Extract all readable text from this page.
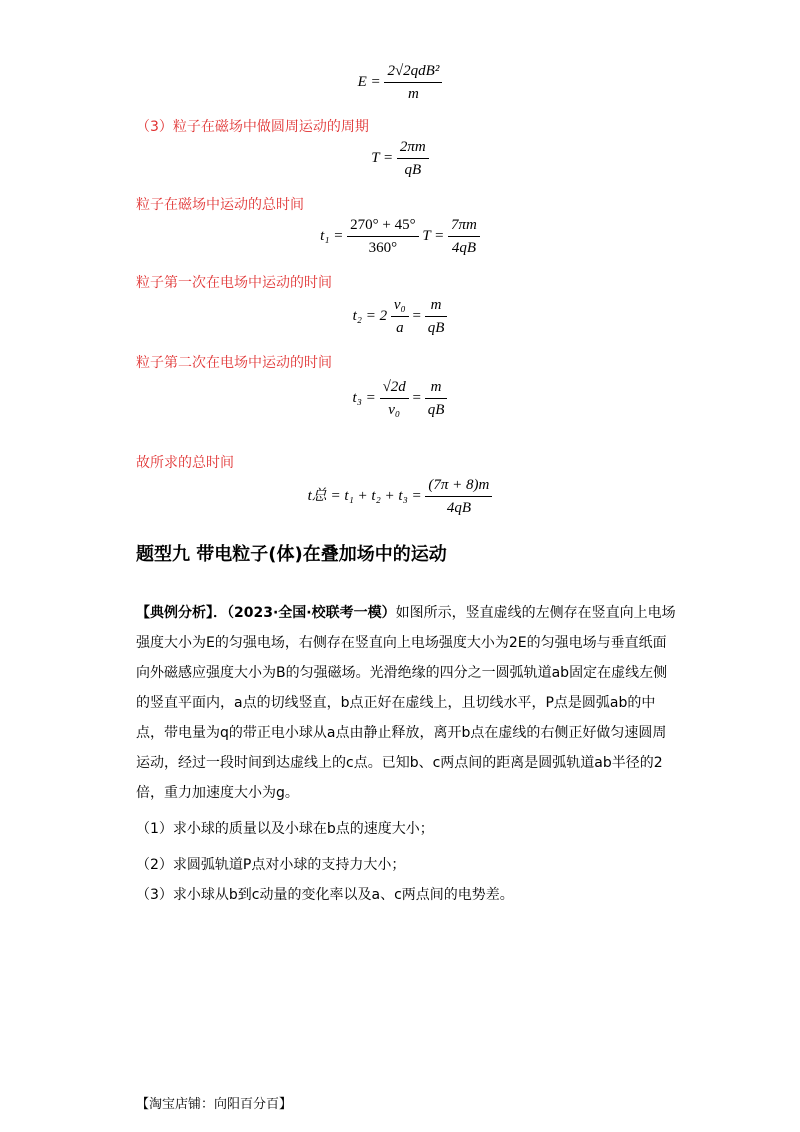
$E = \frac{\text{2√2qdB²}}{m}$
（3）粒子在磁场中做圆周运动的周期
$T = \frac{2\pi m}{qB}$
粒子在磁场中运动的总时间
$t_1 = \frac{270^\circ + 45^\circ}{360^\circ}$ $T = \frac{7\pi m}{4qB}$
粒子第一次在电场中运动的时间
$t_2 = 2 \frac{\text{v₀}}{a} = \frac{m}{qB}$
粒子第二次在电场中运动的时间
$t_3 = \frac{√2d}{\text{v₀}} = \frac{m}{qB}$
故所求的总时间
t总 = $t_1 + t_2 + t_3 = \frac{(7\pi + 8)m}{4qB}$
题型九 带电粒子(体)在叠加场中的运动
【典例分析】．（2023·全国·校联考一模）如图所示，竖直虚线的左侧存在竖直向上电场强度大小为E的匀强电场，右侧存在竖直向上电场强度大小为2E的匀强电场与垂直纸面向外磁感应强度大小为B的匀强磁场。光滑绝缘的四分之一圆弧轨道ab固定在虚线左侧的竖直平面内，a点的切线竖直，b点正好在虚线上，且切线水平，P点是圆弧ab的中点，带电量为q的带正电小球从a点由静止释放，离开b点在虚线的右侧正好做匀速圆周运动，经过一段时间到达虚线上的c点。已知b、c两点间的距离是圆弧轨道ab半径的2倍，重力加速度大小为g。
（1）求小球的质量以及小球在b点的速度大小；
（2）求圆弧轨道P点对小球的支持力大小；
（3）求小球从b到c动量的变化率以及a、c两点间的电势差。
【淘宝店铺：向阳百分百】
